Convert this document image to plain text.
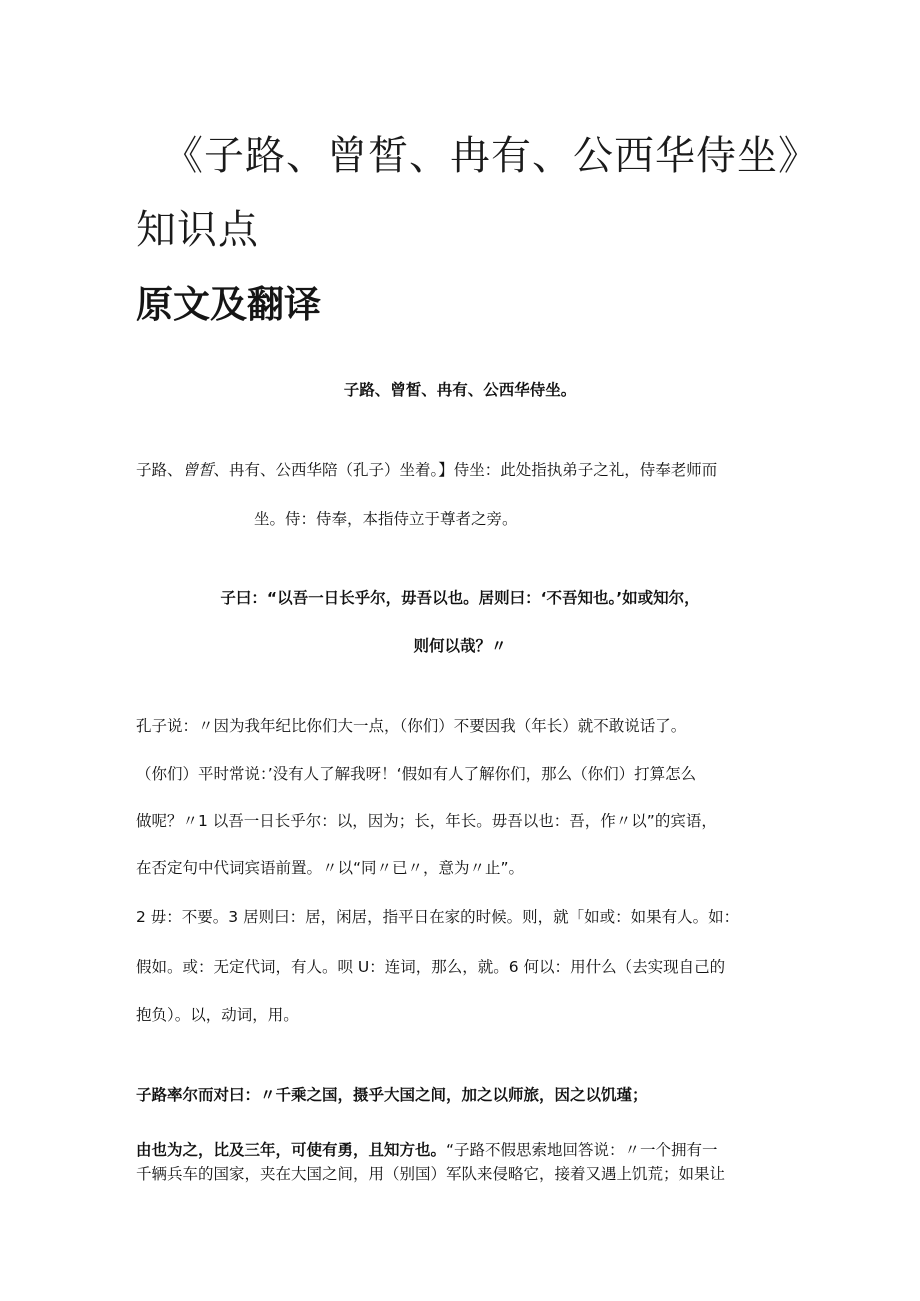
《子路、曾皙、冉有、公西华侍坐》
知识点
原文及翻译
子路、曾皙、冉有、公西华侍坐。
子路、曾皙、冉有、公西华陪（孔子）坐着。】侍坐：此处指执弟子之礼，侍奉老师而
坐。侍：侍奉，本指侍立于尊者之旁。
子曰：“以吾一日长乎尔，毋吾以也。居则曰：‘不吾知也。’如或知尔，
则何以哉？〃
孔子说：〃因为我年纪比你们大一点，（你们）不要因我（年长）就不敢说话了。
（你们）平时常说：’没有人了解我呀！‘假如有人了解你们，那么（你们）打算怎么
做呢？〃1 以吾一日长乎尔：以，因为；长，年长。毋吾以也：吾，作〃以”的宾语，
在否定句中代词宾语前置。〃以“同〃已〃，意为〃止”。
2 毋：不要。3 居则曰：居，闲居，指平日在家的时候。则，就「如或：如果有人。如：
假如。或：无定代词，有人。呗 U：连词，那么，就。6 何以：用什么（去实现自己的
抱负）。以，动词，用。
子路率尔而对曰：〃千乘之国，摄乎大国之间，加之以师旅，因之以饥瑾；
由也为之，比及三年，可使有勇，且知方也。“子路不假思索地回答说：〃一个拥有一
千辆兵车的国家，夹在大国之间，用（别国）军队来侵略它，接着又遇上饥荒；如果让
